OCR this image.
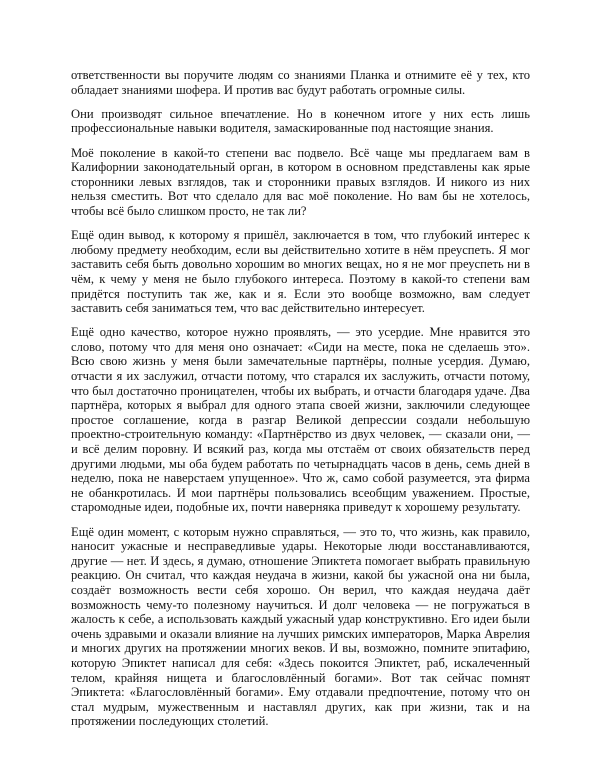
ответственности вы поручите людям со знаниями Планка и отнимите её у тех, кто обладает знаниями шофера. И против вас будут работать огромные силы.

Они производят сильное впечатление. Но в конечном итоге у них есть лишь профессиональные навыки водителя, замаскированные под настоящие знания.

Моё поколение в какой-то степени вас подвело. Всё чаще мы предлагаем вам в Калифорнии законодательный орган, в котором в основном представлены как ярые сторонники левых взглядов, так и сторонники правых взглядов. И никого из них нельзя сместить. Вот что сделало для вас моё поколение. Но вам бы не хотелось, чтобы всё было слишком просто, не так ли?

Ещё один вывод, к которому я пришёл, заключается в том, что глубокий интерес к любому предмету необходим, если вы действительно хотите в нём преуспеть. Я мог заставить себя быть довольно хорошим во многих вещах, но я не мог преуспеть ни в чём, к чему у меня не было глубокого интереса. Поэтому в какой-то степени вам придётся поступить так же, как и я. Если это вообще возможно, вам следует заставить себя заниматься тем, что вас действительно интересует.

Ещё одно качество, которое нужно проявлять, — это усердие. Мне нравится это слово, потому что для меня оно означает: «Сиди на месте, пока не сделаешь это». Всю свою жизнь у меня были замечательные партнёры, полные усердия. Думаю, отчасти я их заслужил, отчасти потому, что старался их заслужить, отчасти потому, что был достаточно проницателен, чтобы их выбрать, и отчасти благодаря удаче. Два партнёра, которых я выбрал для одного этапа своей жизни, заключили следующее простое соглашение, когда в разгар Великой депрессии создали небольшую проектно-строительную команду: «Партнёрство из двух человек, — сказали они, — и всё делим поровну. И всякий раз, когда мы отстаём от своих обязательств перед другими людьми, мы оба будем работать по четырнадцать часов в день, семь дней в неделю, пока не наверстаем упущенное». Что ж, само собой разумеется, эта фирма не обанкротилась. И мои партнёры пользовались всеобщим уважением. Простые, старомодные идеи, подобные их, почти наверняка приведут к хорошему результату.

Ещё один момент, с которым нужно справляться, — это то, что жизнь, как правило, наносит ужасные и несправедливые удары. Некоторые люди восстанавливаются, другие — нет. И здесь, я думаю, отношение Эпиктета помогает выбрать правильную реакцию. Он считал, что каждая неудача в жизни, какой бы ужасной она ни была, создаёт возможность вести себя хорошо. Он верил, что каждая неудача даёт возможность чему-то полезному научиться. И долг человека — не погружаться в жалость к себе, а использовать каждый ужасный удар конструктивно. Его идеи были очень здравыми и оказали влияние на лучших римских императоров, Марка Аврелия и многих других на протяжении многих веков. И вы, возможно, помните эпитафию, которую Эпиктет написал для себя: «Здесь покоится Эпиктет, раб, искалеченный телом, крайняя нищета и благословлённый богами». Вот так сейчас помнят Эпиктета: «Благословлённый богами». Ему отдавали предпочтение, потому что он стал мудрым, мужественным и наставлял других, как при жизни, так и на протяжении последующих столетий.
